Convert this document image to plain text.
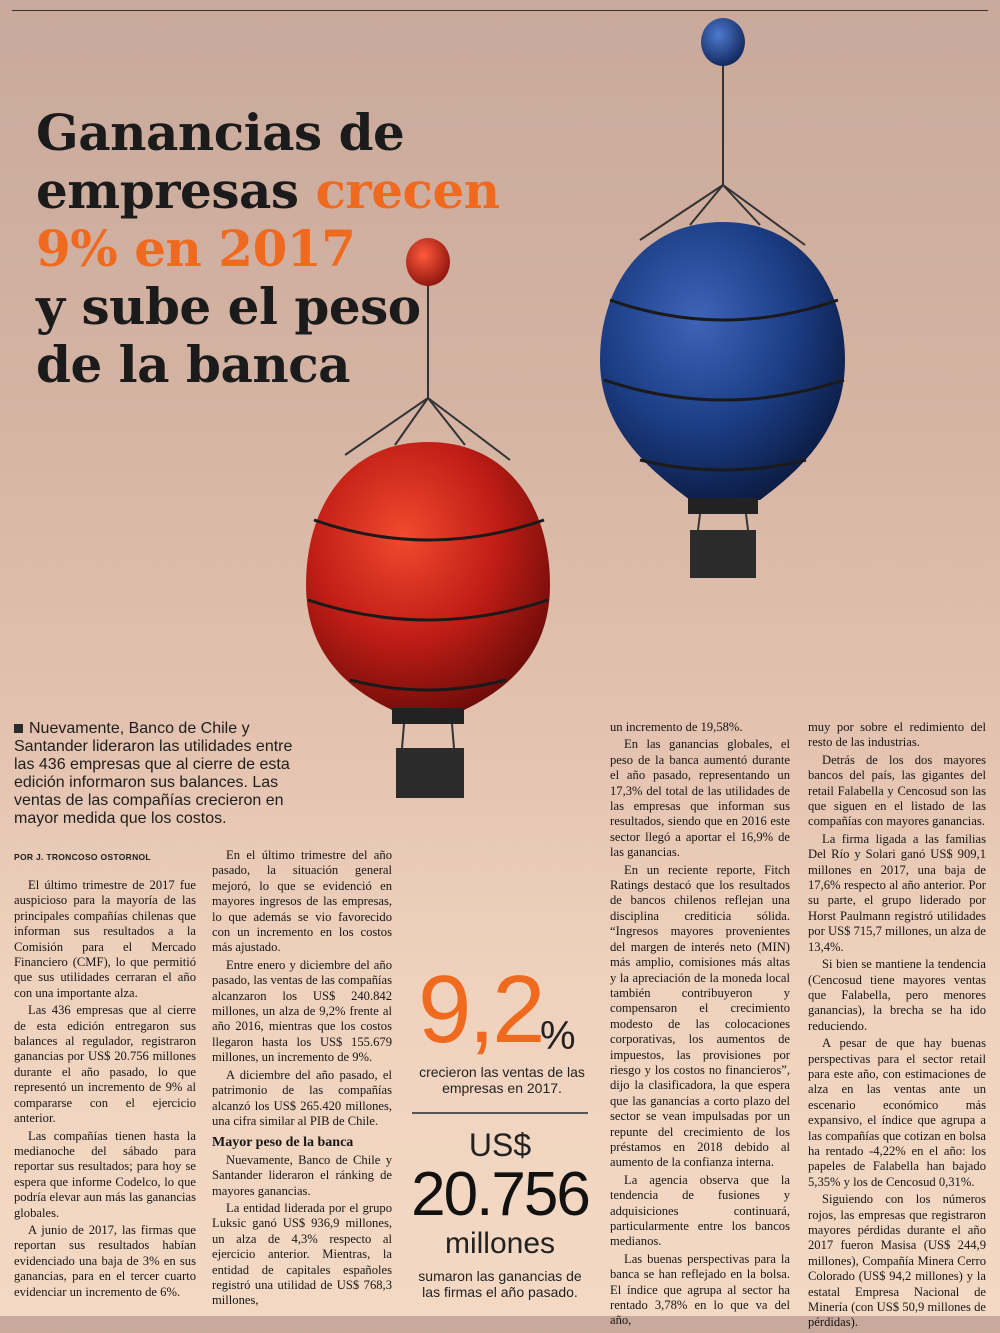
Ganancias de
empresas crecen
9% en 2017
y sube el peso
de la banca
Nuevamente, Banco de Chile y Santander lideraron las utilidades entre las 436 empresas que al cierre de esta edición informaron sus balances. Las ventas de las compañías crecieron en mayor medida que los costos.
POR J. TRONCOSO OSTORNOL

El último trimestre de 2017 fue auspicioso para la mayoría de las principales compañías chilenas que informan sus resultados a la Comisión para el Mercado Financiero (CMF), lo que permitió que sus utilidades cerraran el año con una importante alza.

Las 436 empresas que al cierre de esta edición entregaron sus balances al regulador, registraron ganancias por US$ 20.756 millones durante el año pasado, lo que representó un incremento de 9% al compararse con el ejercicio anterior.

Las compañías tienen hasta la medianoche del sábado para reportar sus resultados; para hoy se espera que informe Codelco, lo que podría elevar aun más las ganancias globales.

A junio de 2017, las firmas que reportan sus resultados habían evidenciado una baja de 3% en sus ganancias, para en el tercer cuarto evidenciar un incremento de 6%.

En el último trimestre del año pasado, la situación general mejoró, lo que se evidenció en mayores ingresos de las empresas, lo que además se vio favorecido con un incremento en los costos más ajustado.

Entre enero y diciembre del año pasado, las ventas de las compañías alcanzaron los US$ 240.842 millones, un alza de 9,2% frente al año 2016, mientras que los costos llegaron hasta los US$ 155.679 millones, un incremento de 9%.

A diciembre del año pasado, el patrimonio de las compañías alcanzó los US$ 265.420 millones, una cifra similar al PIB de Chile.

Mayor peso de la banca

Nuevamente, Banco de Chile y Santander lideraron el ránking de mayores ganancias.

La entidad liderada por el grupo Luksic ganó US$ 936,9 millones, un alza de 4,3% respecto al ejercicio anterior. Mientras, la entidad de capitales españoles registró una utilidad de US$ 768,3 millones,

9,2
%
crecieron las ventas de las empresas en 2017.
US$
20.756
millones
sumaron las ganancias de las firmas el año pasado.

un incremento de 19,58%.

En las ganancias globales, el peso de la banca aumentó durante el año pasado, representando un 17,3% del total de las utilidades de las empresas que informan sus resultados, siendo que en 2016 este sector llegó a aportar el 16,9% de las ganancias.

En un reciente reporte, Fitch Ratings destacó que los resultados de bancos chilenos reflejan una disciplina crediticia sólida. “Ingresos mayores provenientes del margen de interés neto (MIN) más amplio, comisiones más altas y la apreciación de la moneda local también contribuyeron y compensaron el crecimiento modesto de las colocaciones corporativas, los aumentos de impuestos, las provisiones por riesgo y los costos no financieros”, dijo la clasificadora, la que espera que las ganancias a corto plazo del sector se vean impulsadas por un repunte del crecimiento de los préstamos en 2018 debido al aumento de la confianza interna.

La agencia observa que la tendencia de fusiones y adquisiciones continuará, particularmente entre los bancos medianos.

Las buenas perspectivas para la banca se han reflejado en la bolsa. El índice que agrupa al sector ha rentado 3,78% en lo que va del año,

muy por sobre el redimiento del resto de las industrias.

Detrás de los dos mayores bancos del país, las gigantes del retail Falabella y Cencosud son las que siguen en el listado de las compañías con mayores ganancias.

La firma ligada a las familias Del Río y Solari ganó US$ 909,1 millones en 2017, una baja de 17,6% respecto al año anterior. Por su parte, el grupo liderado por Horst Paulmann registró utilidades por US$ 715,7 millones, un alza de 13,4%.

Si bien se mantiene la tendencia (Cencosud tiene mayores ventas que Falabella, pero menores ganancias), la brecha se ha ido reduciendo.

A pesar de que hay buenas perspectivas para el sector retail para este año, con estimaciones de alza en las ventas ante un escenario económico más expansivo, el índice que agrupa a las compañías que cotizan en bolsa ha rentado -4,22% en el año: los papeles de Falabella han bajado 5,35% y los de Cencosud 0,31%.

Siguiendo con los números rojos, las empresas que registraron mayores pérdidas durante el año 2017 fueron Masisa (US$ 244,9 millones), Compañía Minera Cerro Colorado (US$ 94,2 millones) y la estatal Empresa Nacional de Minería (con US$ 50,9 millones de pérdidas).
